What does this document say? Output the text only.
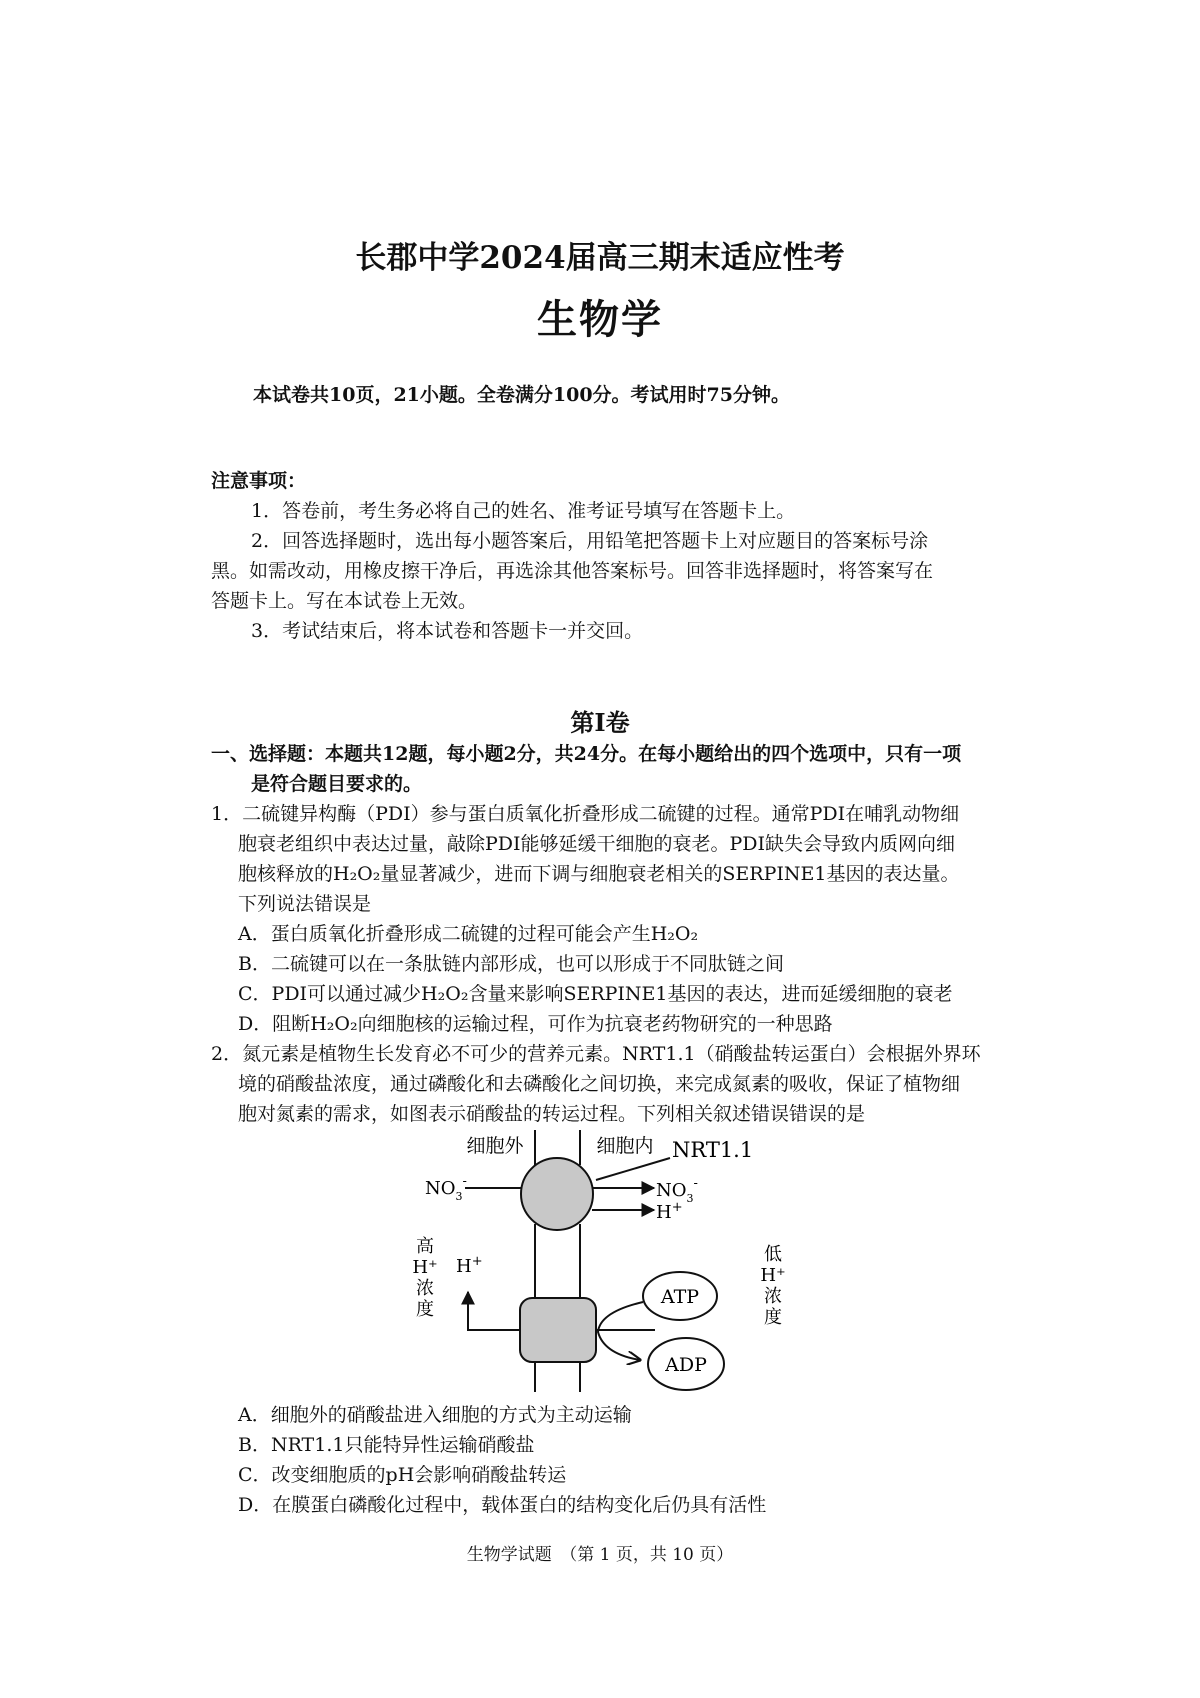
长郡中学2024届高三期末适应性考
生物学
本试卷共10页，21小题。全卷满分100分。考试用时75分钟。
注意事项：
1．答卷前，考生务必将自己的姓名、准考证号填写在答题卡上。
2．回答选择题时，选出每小题答案后，用铅笔把答题卡上对应题目的答案标号涂
黑。如需改动，用橡皮擦干净后，再选涂其他答案标号。回答非选择题时，将答案写在
答题卡上。写在本试卷上无效。
3．考试结束后，将本试卷和答题卡一并交回。
第Ⅰ卷
一、选择题：本题共12题，每小题2分，共24分。在每小题给出的四个选项中，只有一项
是符合题目要求的。
1．二硫键异构酶（PDI）参与蛋白质氧化折叠形成二硫键的过程。通常PDI在哺乳动物细
胞衰老组织中表达过量，敲除PDI能够延缓干细胞的衰老。PDI缺失会导致内质网向细
胞核释放的H₂O₂量显著减少，进而下调与细胞衰老相关的SERPINE1基因的表达量。
下列说法错误是
A．蛋白质氧化折叠形成二硫键的过程可能会产生H₂O₂
B．二硫键可以在一条肽链内部形成，也可以形成于不同肽链之间
C．PDI可以通过减少H₂O₂含量来影响SERPINE1基因的表达，进而延缓细胞的衰老
D．阻断H₂O₂向细胞核的运输过程，可作为抗衰老药物研究的一种思路
2．氮元素是植物生长发育必不可少的营养元素。NRT1.1（硝酸盐转运蛋白）会根据外界环
境的硝酸盐浓度，通过磷酸化和去磷酸化之间切换，来完成氮素的吸收，保证了植物细
胞对氮素的需求，如图表示硝酸盐的转运过程。下列相关叙述错误错误的是
细胞外	细胞内 NRT1.1
$NO_3^-$	$NO_3^-$
H+
高
H⁺
浓
度
H+
ATP
ADP
低
H⁺
浓
度
A．细胞外的硝酸盐进入细胞的方式为主动运输
B．NRT1.1只能特异性运输硝酸盐
C．改变细胞质的pH会影响硝酸盐转运
D．在膜蛋白磷酸化过程中，载体蛋白的结构变化后仍具有活性
生物学试题　（第 1 页，共 10 页）
